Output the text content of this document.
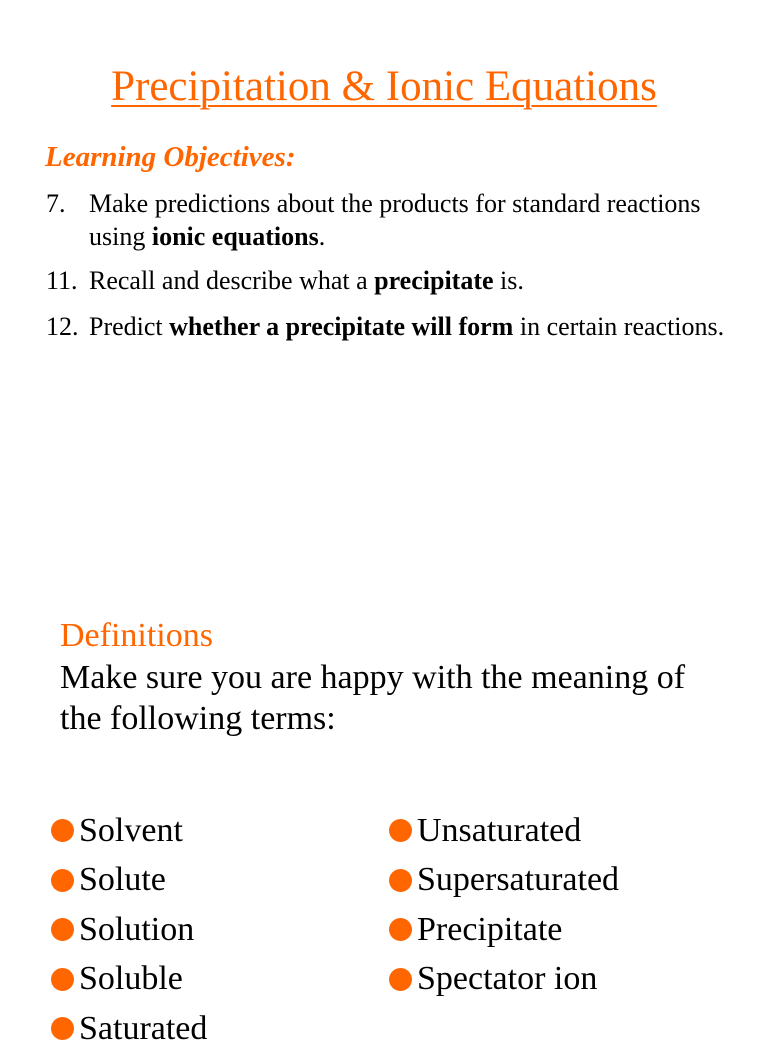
Precipitation & Ionic Equations
Learning Objectives:
7. Make predictions about the products for standard reactions using ionic equations.
11. Recall and describe what a precipitate is.
12. Predict whether a precipitate will form in certain reactions.
Definitions
Make sure you are happy with the meaning of the following terms:
Solvent
Solute
Solution
Soluble
Saturated
Unsaturated
Supersaturated
Precipitate
Spectator ion
